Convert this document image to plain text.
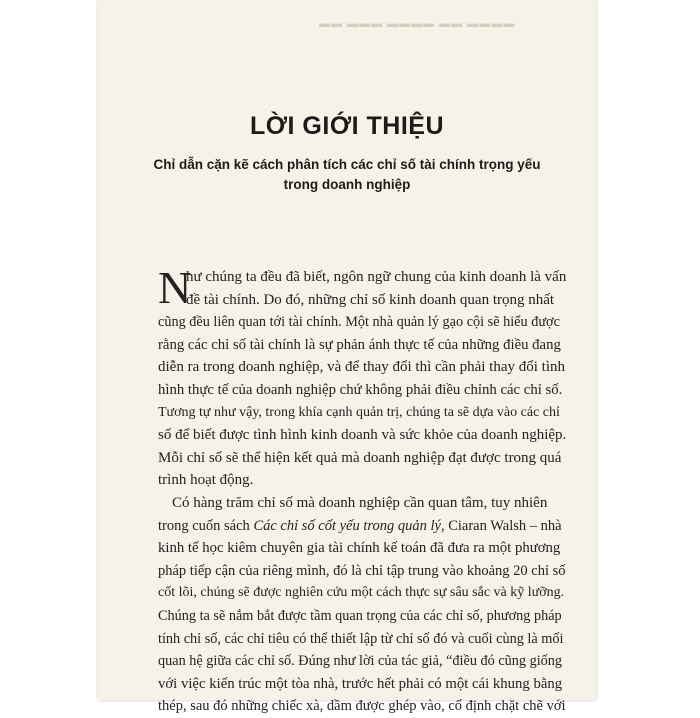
▬▬▬▬ ▬▬ ▬▬▬▬ ▬▬▬ ▬▬
LỜI GIỚI THIỆU
Chỉ dẫn cặn kẽ cách phân tích các chỉ số tài chính trọng yếu
trong doanh nghiệp
N
hư chúng ta đều đã biết, ngôn ngữ chung của kinh doanh là vấn
đề tài chính. Do đó, những chỉ số kinh doanh quan trọng nhất
cũng đều liên quan tới tài chính. Một nhà quản lý gạo cội sẽ hiểu được
rằng các chỉ số tài chính là sự phản ánh thực tế của những điều đang
diễn ra trong doanh nghiệp, và để thay đổi thì cần phải thay đổi tình
hình thực tế của doanh nghiệp chứ không phải điều chỉnh các chỉ số.
Tương tự như vậy, trong khía cạnh quản trị, chúng ta sẽ dựa vào các chỉ
số để biết được tình hình kinh doanh và sức khỏe của doanh nghiệp.
Mỗi chỉ số sẽ thể hiện kết quả mà doanh nghiệp đạt được trong quá
trình hoạt động.
Có hàng trăm chỉ số mà doanh nghiệp cần quan tâm, tuy nhiên
trong cuốn sách Các chỉ số cốt yếu trong quản lý, Ciaran Walsh – nhà
kinh tế học kiêm chuyên gia tài chính kế toán đã đưa ra một phương
pháp tiếp cận của riêng mình, đó là chỉ tập trung vào khoảng 20 chỉ số
cốt lõi, chúng sẽ được nghiên cứu một cách thực sự sâu sắc và kỹ lưỡng.
Chúng ta sẽ nắm bắt được tầm quan trọng của các chỉ số, phương pháp
tính chỉ số, các chỉ tiêu có thể thiết lập từ chỉ số đó và cuối cùng là mối
quan hệ giữa các chỉ số. Đúng như lời của tác giả, “điều đó cũng giống
với việc kiến trúc một tòa nhà, trước hết phải có một cái khung bằng
thép, sau đó những chiếc xà, dầm được ghép vào, cố định chặt chẽ với
